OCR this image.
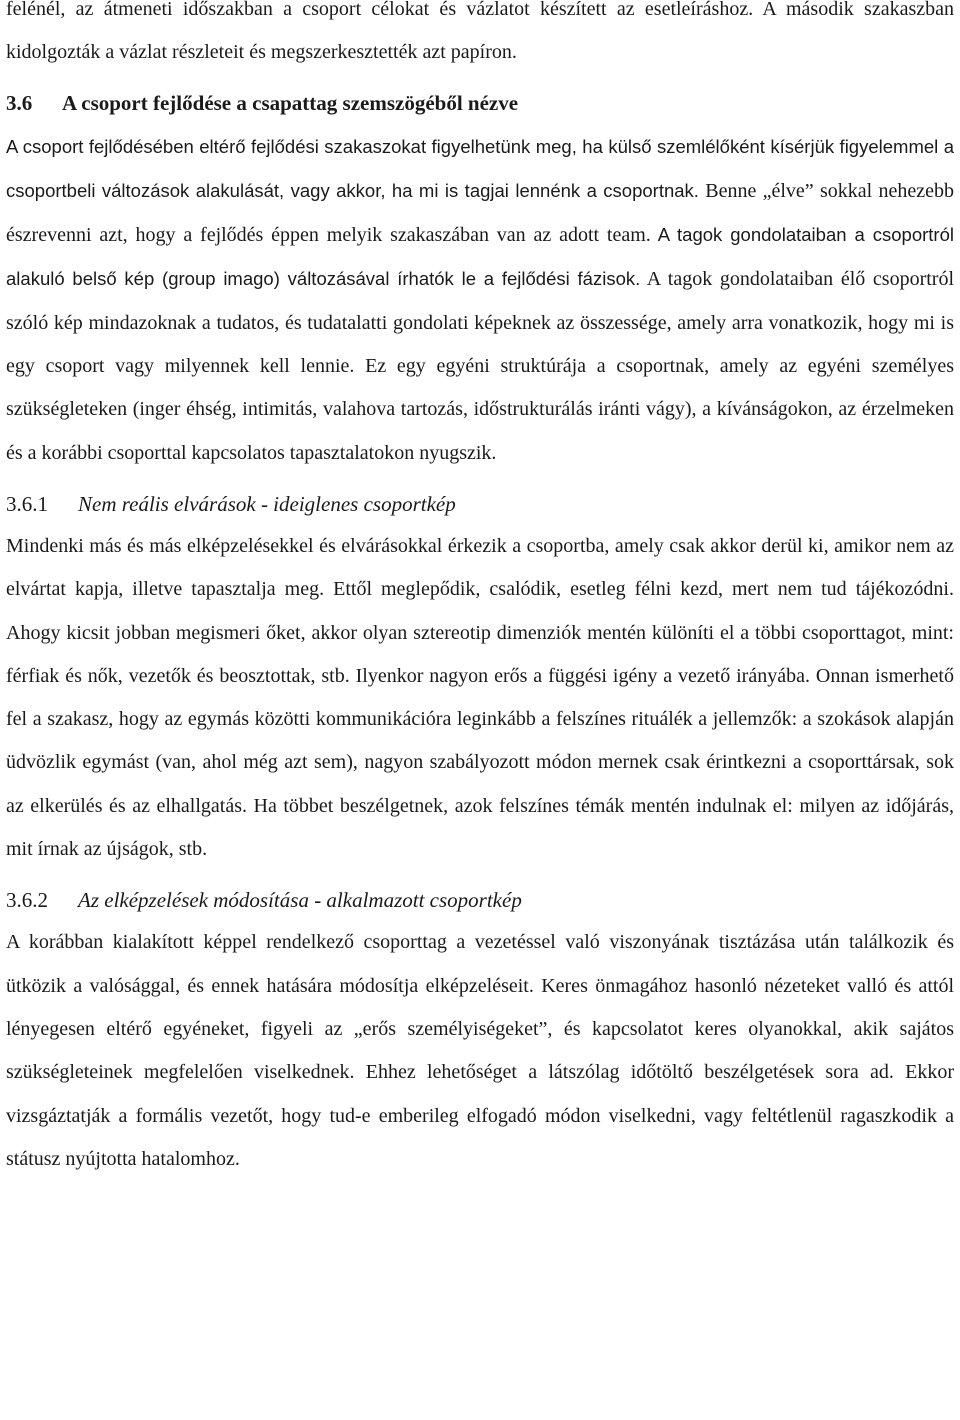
felénél, az átmeneti időszakban a csoport célokat és vázlatot készített az esetleíráshoz. A második szakaszban kidolgozták a vázlat részleteit és megszerkesztették azt papíron.

3.6 A csoport fejlődése a csapattag szemszögéből nézve

A csoport fejlődésében eltérő fejlődési szakaszokat figyelhetünk meg, ha külső szemlélőként kísérjük figyelemmel a csoportbeli változások alakulását, vagy akkor, ha mi is tagjai lennénk a csoportnak. Benne „élve” sokkal nehezebb észrevenni azt, hogy a fejlődés éppen melyik szakaszában van az adott team. A tagok gondolataiban a csoportról alakuló belső kép (group imago) változásával írhatók le a fejlődési fázisok. A tagok gondolataiban élő csoportról szóló kép mindazoknak a tudatos, és tudatalatti gondolati képeknek az összessége, amely arra vonatkozik, hogy mi is egy csoport vagy milyennek kell lennie. Ez egy egyéni struktúrája a csoportnak, amely az egyéni személyes szükségleteken (inger éhség, intimitás, valahova tartozás, időstrukturálás iránti vágy), a kívánságokon, az érzelmeken és a korábbi csoporttal kapcsolatos tapasztalatokon nyugszik.

3.6.1 Nem reális elvárások - ideiglenes csoportkép

Mindenki más és más elképzelésekkel és elvárásokkal érkezik a csoportba, amely csak akkor derül ki, amikor nem az elvártat kapja, illetve tapasztalja meg. Ettől meglepődik, csalódik, esetleg félni kezd, mert nem tud tájékozódni. Ahogy kicsit jobban megismeri őket, akkor olyan sztereotip dimenziók mentén különíti el a többi csoporttagot, mint: férfiak és nők, vezetők és beosztottak, stb. Ilyenkor nagyon erős a függési igény a vezető irányába. Onnan ismerhető fel a szakasz, hogy az egymás közötti kommunikációra leginkább a felszínes rituálék a jellemzők: a szokások alapján üdvözlik egymást (van, ahol még azt sem), nagyon szabályozott módon mernek csak érintkezni a csoporttársak, sok az elkerülés és az elhallgatás. Ha többet beszélgetnek, azok felszínes témák mentén indulnak el: milyen az időjárás, mit írnak az újságok, stb.

3.6.2 Az elképzelések módosítása - alkalmazott csoportkép

A korábban kialakított képpel rendelkező csoporttag a vezetéssel való viszonyának tisztázása után találkozik és ütközik a valósággal, és ennek hatására módosítja elképzeléseit. Keres önmagához hasonló nézeteket valló és attól lényegesen eltérő egyéneket, figyeli az „erős személyiségeket”, és kapcsolatot keres olyanokkal, akik sajátos szükségleteinek megfelelően viselkednek. Ehhez lehetőséget a látszólag időtöltő beszélgetések sora ad. Ekkor vizsgáztatják a formális vezetőt, hogy tud-e emberileg elfogadó módon viselkedni, vagy feltétlenül ragaszkodik a státusz nyújtotta hatalomhoz.
